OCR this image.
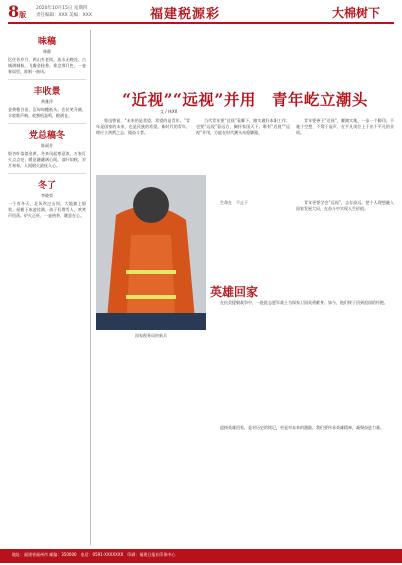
8版
2020年10月15日 星期四
责任编辑：XXX 美编：XXX	福建税源彩	大棉树下
味稿
林静
忆往昔岁月，两山夹老街，流水无晚处。古城满城秋，飞瓣金桂香。谁念那月色，一壶春雨里，谁唱一曲风。
丰收景
黄雅萍
金黄稻谷田，沉甸甸穗低头。农民笑开颜，丰收歌声响。收割机轰鸣，粮满仓。
党总稿冬
陈丽芳
银杏叶落似金黄，冬来风起寒意浓。万家灯火点点亮，暖意融融满心间。落叶知秋，岁月匆匆，人间烟火最抚人心。
冬了
李晓荣
一个有冬天，北风吹过山岗，大地披上银装。屋檐下冰凌挂满，孩子们堆雪人，欢笑声回荡。炉火正旺，一壶热茶，暖意在心。
“近视”“远视”并用　青年屹立潮头
文 / 林XX
鲁迅曾说，“未来的是希望，希望的是青年。”青年是国家的未来，也是民族的希望。新时代的青年，理应立鸿鹄之志，做奋斗者。
当代青年要“近视”看脚下，踏实做好本职工作；也要“远视”看远方，胸怀家国天下。唯有“近视”“远视”并用，方能在时代潮头站稳脚跟。
青年要善于“近视”，脚踏实地，一步一个脚印。不驰于空想，不骛于虚声，在平凡岗位上干出不平凡的业绩。
青年更要学会“远视”，志存高远，把个人理想融入国家发展大局，在奋斗中实现人生价值。
国家税务局的新兵
生命在　不止于
英雄回家
在抗美援朝战争中，一批批志愿军战士为保家卫国英勇献身。如今，他们终于回到祖国的怀抱。
迎接英雄回家，是对历史的铭记，更是对未来的激励。我们要传承英雄精神，凝聚奋进力量。
地址：福建省福州市 邮编：350000　电话：0591-XXXXXXX　印刷：福建日报社印务中心
